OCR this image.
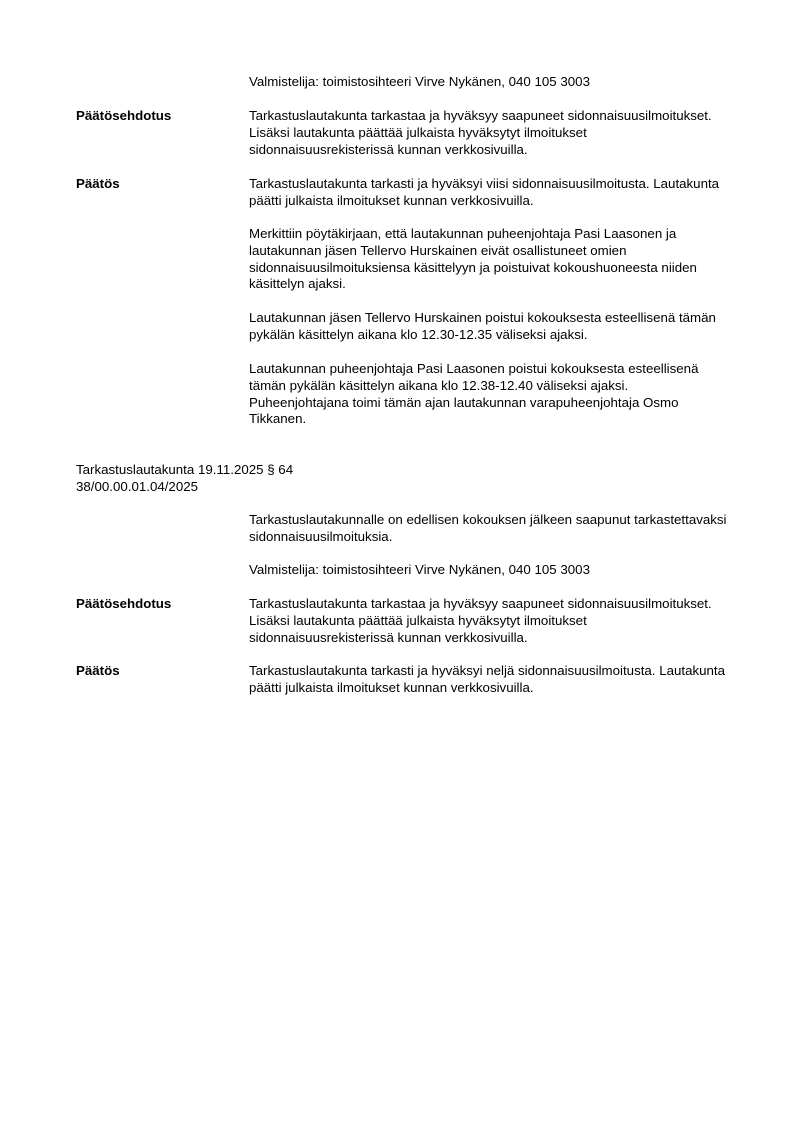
Valmistelija: toimistosihteeri Virve Nykänen, 040 105 3003
Päätösehdotus	Tarkastuslautakunta tarkastaa ja hyväksyy saapuneet sidonnaisuusilmoitukset. Lisäksi lautakunta päättää julkaista hyväksytyt ilmoitukset sidonnaisuusrekisterissä kunnan verkkosivuilla.
Päätös	Tarkastuslautakunta tarkasti ja hyväksyi viisi sidonnaisuusilmoitusta. Lautakunta päätti julkaista ilmoitukset kunnan verkkosivuilla.

Merkittiin pöytäkirjaan, että lautakunnan puheenjohtaja Pasi Laasonen ja lautakunnan jäsen Tellervo Hurskainen eivät osallistuneet omien sidonnaisuusilmoituksiensa käsittelyyn ja poistuivat kokoushuoneesta niiden käsittelyn ajaksi.
Lautakunnan jäsen Tellervo Hurskainen poistui kokouksesta esteellisenä tämän pykälän käsittelyn aikana klo 12.30-12.35 väliseksi ajaksi.
Lautakunnan puheenjohtaja Pasi Laasonen poistui kokouksesta esteellisenä tämän pykälän käsittelyn aikana klo 12.38-12.40 väliseksi ajaksi. Puheenjohtajana toimi tämän ajan lautakunnan varapuheenjohtaja Osmo Tikkanen.
Tarkastuslautakunta 19.11.2025 § 64
38/00.00.01.04/2025
Tarkastuslautakunnalle on edellisen kokouksen jälkeen saapunut tarkastettavaksi sidonnaisuusilmoituksia.
Valmistelija: toimistosihteeri Virve Nykänen, 040 105 3003
Päätösehdotus	Tarkastuslautakunta tarkastaa ja hyväksyy saapuneet sidonnaisuusilmoitukset. Lisäksi lautakunta päättää julkaista hyväksytyt ilmoitukset sidonnaisuusrekisterissä kunnan verkkosivuilla.
Päätös	Tarkastuslautakunta tarkasti ja hyväksyi neljä sidonnaisuusilmoitusta. Lautakunta päätti julkaista ilmoitukset kunnan verkkosivuilla.
